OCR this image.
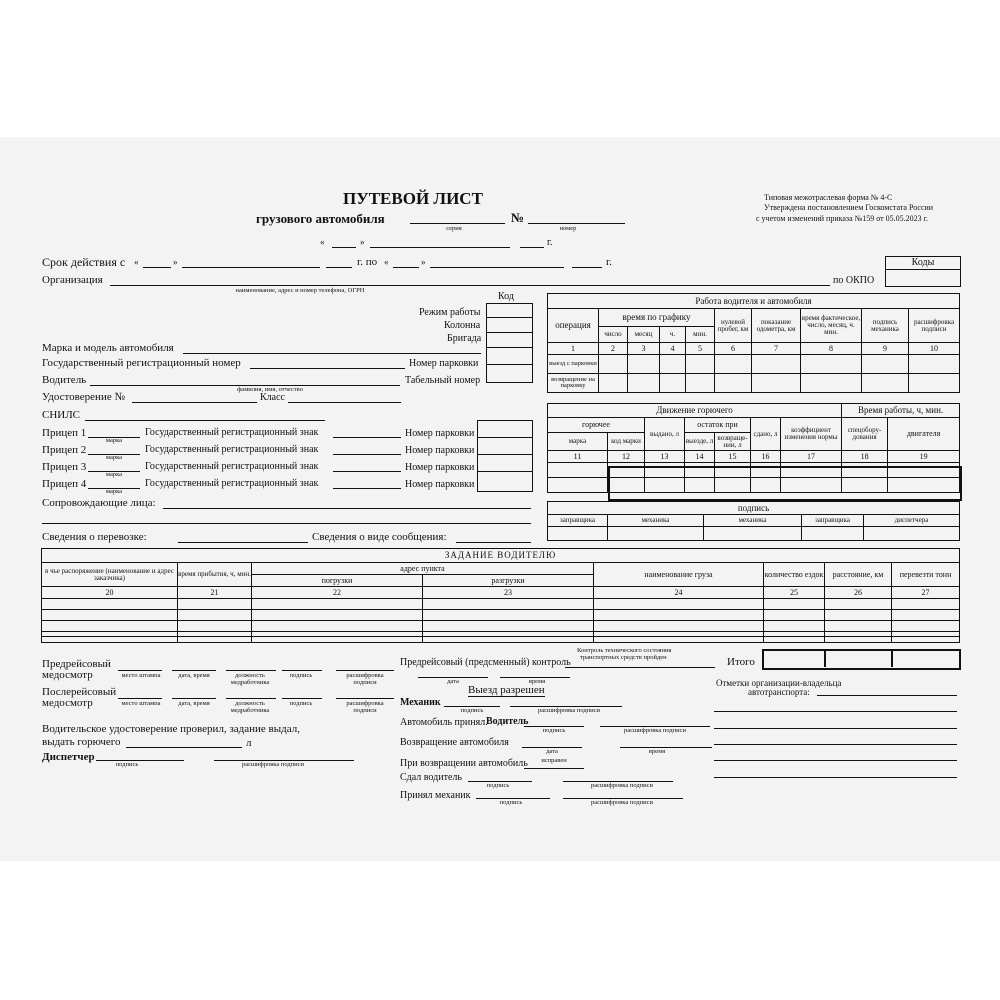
ПУТЕВОЙ ЛИСТ
грузового автомобиля	№
серия	номер
«	»	г.
Типовая межотраслевая форма № 4-С
Утверждена постановлением Госкомстата России
с учетом изменений приказа №159 от 05.05.2023 г.
Срок действия с «	»	г. по «	»	г.	Коды
Организация
наименование, адрес и номер телефона, ОГРН
по ОКПО
Код
Режим работы
Колонна
Бригада
Марка и модель автомобиля
Государственный регистрационный номер	Номер парковки
Водитель
фамилия, имя, отчество
Табельный номер
Удостоверение №	Класс
СНИЛС
Сопровождающие лица:
Сведения о перевозке:	Сведения о виде сообщения:
Работа водителя и автомобиля									
операция	время по графику				нулевой пробег, км	показание одометра, км	время фактическое, число, месяц, ч. мин.	подпись механика	расшифровка подписи
	число	месяц	ч.	мин.					
1	2	3	4	5	6	7	8	9	10
выезд с парковки									
возвращение на парковку									
Движение горючего							Время работы, ч, мин.	
горючее		выдано, л	остаток при		сдано, л	коэффициент изменения нормы	спецобору-дования	двигателя
марка	код марки		выезде, л	возвраще-нии, л				
11	12	13	14	15	16	17	18	19

подпись				
заправщика	механика	механика	заправщика	диспетчера

ЗАДАНИЕ ВОДИТЕЛЮ							
в чье распоряжение (наименование и адрес заказчика)	время прибытия, ч, мин.	адрес пункта		наименование груза	количество ездок	расстояние, км	перевезти тонн
		погрузки	разгрузки				
20	21	22	23	24	25	26	27

Контроль технического состояния
транспортных средств пройден	Итого
Предрейсовый медосмотр
Послерейсовый медосмотр
Водительское удостоверение проверил, задание выдал,
выдать горючего	л
Диспетчер
подпись	расшифровка подписи
Предрейсовый (предсменный) контроль
дата	время
Выезд разрешен
Механик
подпись	расшифровка подписи
Автомобиль принял.
Водитель
подпись	расшифровка подписи
Возвращение автомобиля
дата	время
При возвращении автомобиль исправен
Сдал водитель
подпись	расшифровка подписи
Принял механик
подпись	расшифровка подписи
Отметки организации-владельца
автотранспорта:
Прицеп 1
марка
Государственный регистрационный знак	Номер парковки
Прицеп 2
марка
Государственный регистрационный знак	Номер парковки
Прицеп 3
марка
Государственный регистрационный знак	Номер парковки
Прицеп 4
марка
Государственный регистрационный знак	Номер парковки
место штампа	дата, время	должность медработника
подпись	расшифровка подписи
место штампа	дата, время	должность медработника
подпись	расшифровка подписи
